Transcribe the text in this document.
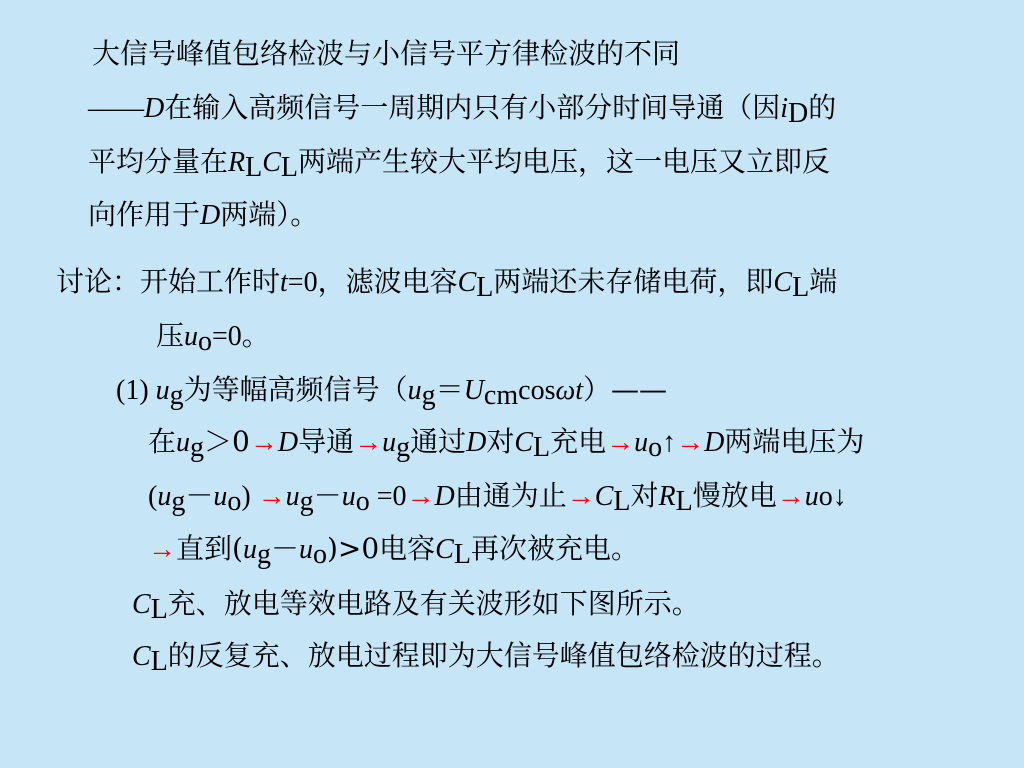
大信号峰值包络检波与小信号平方律检波的不同
——D在输入高频信号一周期内只有小部分时间导通（因$i_D$的
平均分量在$R_LC_L$两端产生较大平均电压，这一电压又立即反
向作用于D两端）。
讨论：开始工作时t=0，滤波电容$C_L$两端还未存储电荷，即$C_L$端
压$u_o=0$。
(1) $u_g$为等幅高频信号$(u_g=U_{cm}\cos\omega t)——$
在$u_g>0\to D$导通$\to u_g$通过D对$C_L$充电$\to u_o↑\to D$两端电压为
$(u_g-u_o) \to u_g-u_o =0\to D$由通为止$\to C_L$对$R_L$慢放电→uo↓
→直到$(u_g-u_o)>0$电容$C_L$再次被充电。
$C_L$充、放电等效电路及有关波形如下图所示。
$C_L$的反复充、放电过程即为大信号峰值包络检波的过程。
